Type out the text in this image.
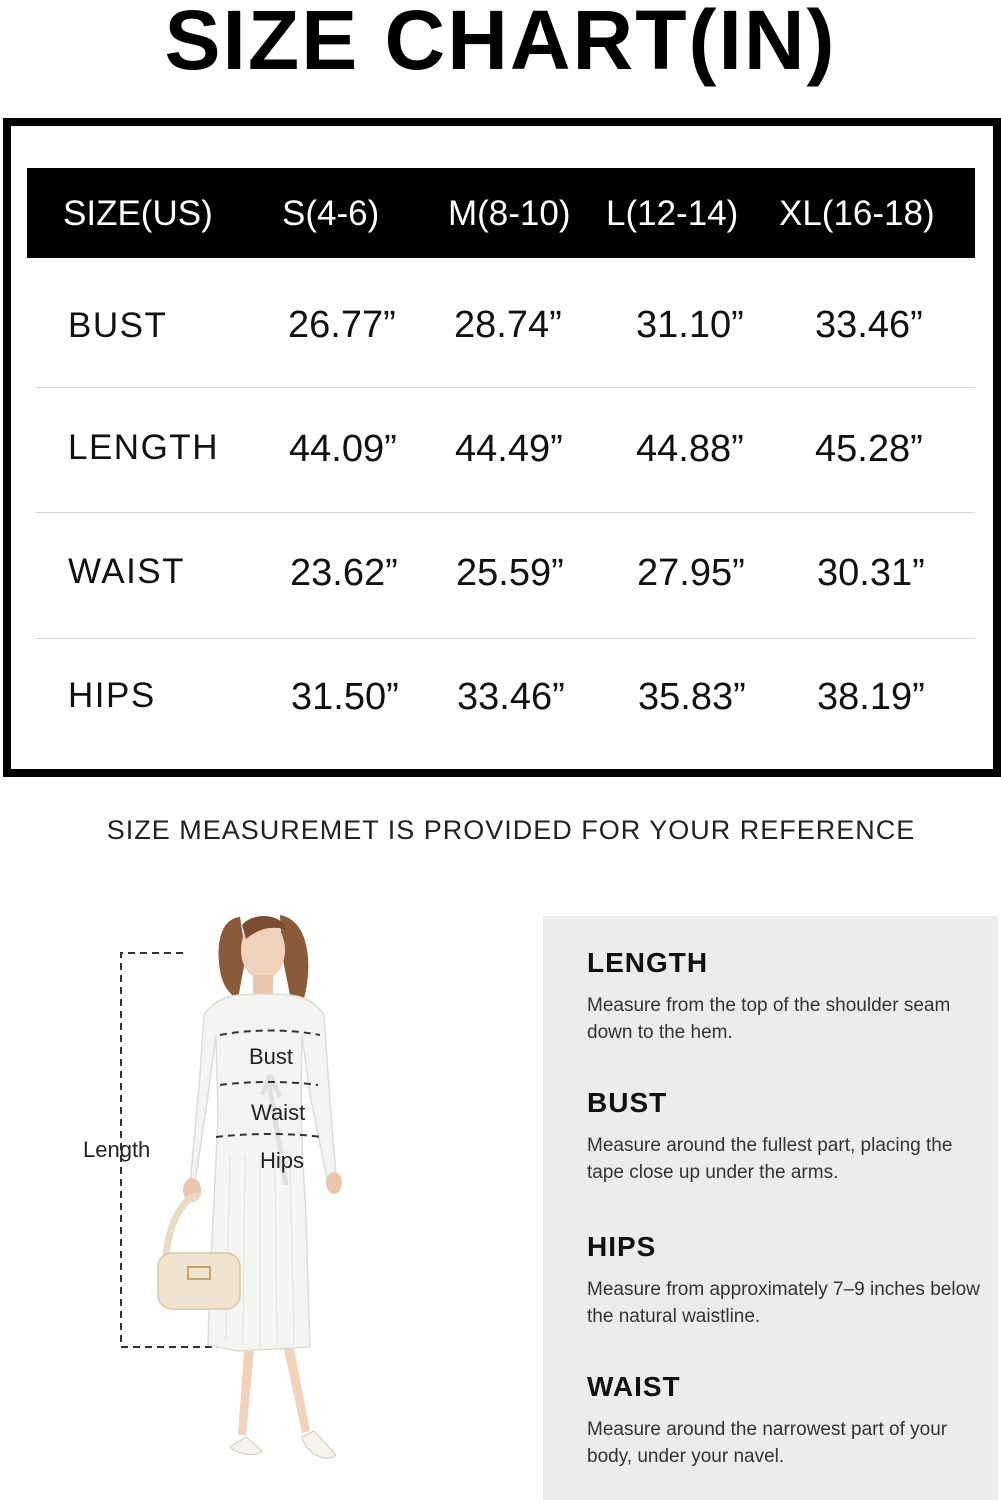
SIZE CHART(IN)
SIZE(US) S(4-6) M(8-10) L(12-14) XL(16-18)
BUST	26.77” 28.74” 31.10” 33.46”
LENGTH 44.09” 44.49” 44.88” 45.28”
WAIST	23.62” 25.59” 27.95” 30.31”
HIPS	31.50” 33.46” 35.83” 38.19”
SIZE MEASUREMET IS PROVIDED FOR YOUR REFERENCE
Length
Bust
Waist
Hips

LENGTH

Measure from the top of the shoulder seam down to the hem.

BUST

Measure around the fullest part, placing the tape close up under the arms.

HIPS

Measure from approximately 7–9 inches below the natural waistline.

WAIST

Measure around the narrowest part of your body, under your navel.
